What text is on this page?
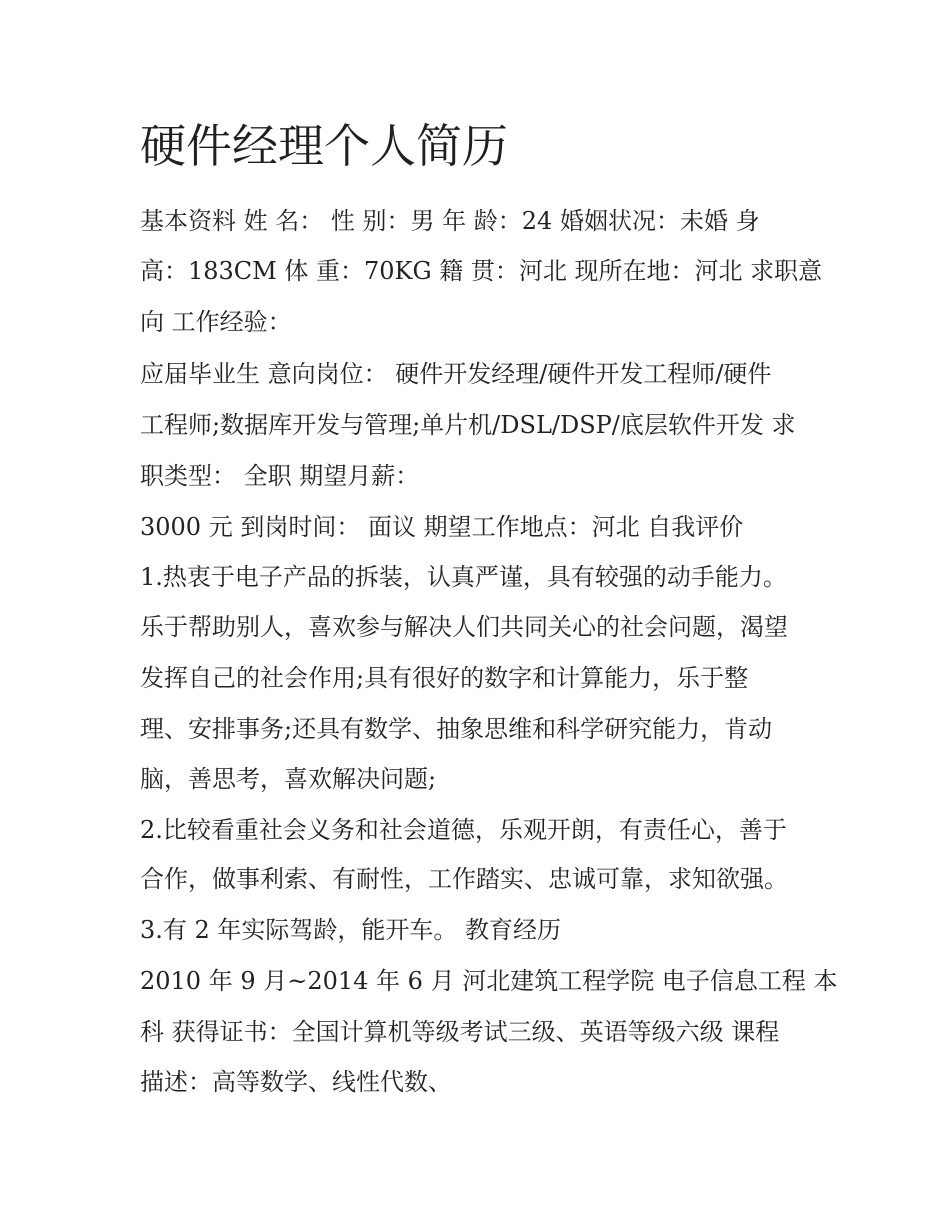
硬件经理个人简历

基本资料 姓 名： 性 别：男 年 龄：24 婚姻状况：未婚 身

高：183CM 体 重：70KG 籍 贯：河北 现所在地：河北 求职意

向 工作经验：

应届毕业生 意向岗位： 硬件开发经理/硬件开发工程师/硬件

工程师;数据库开发与管理;单片机/DSL/DSP/底层软件开发 求

职类型： 全职 期望月薪：

3000 元 到岗时间： 面议 期望工作地点：河北 自我评价

1.热衷于电子产品的拆装，认真严谨，具有较强的动手能力。

乐于帮助别人，喜欢参与解决人们共同关心的社会问题，渴望

发挥自己的社会作用;具有很好的数字和计算能力，乐于整

理、安排事务;还具有数学、抽象思维和科学研究能力，肯动

脑，善思考，喜欢解决问题;

2.比较看重社会义务和社会道德，乐观开朗，有责任心，善于

合作，做事利索、有耐性，工作踏实、忠诚可靠，求知欲强。

3.有 2 年实际驾龄，能开车。 教育经历

2010 年 9 月~2014 年 6 月 河北建筑工程学院 电子信息工程 本

科 获得证书：全国计算机等级考试三级、英语等级六级 课程

描述：高等数学、线性代数、
